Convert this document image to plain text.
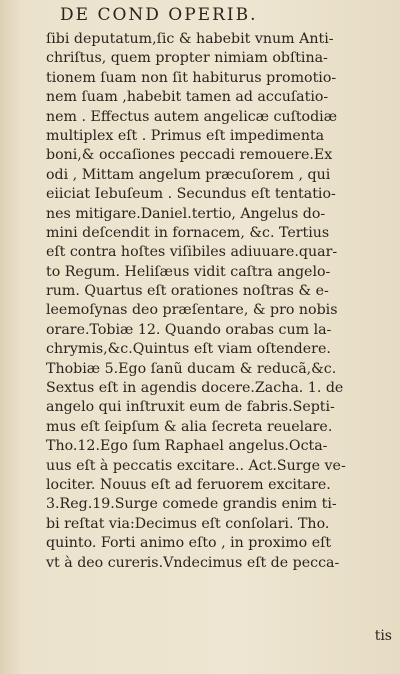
DE COND OPERIB.
ſibi deputatum,ſic & habebit vnum Anti-
chriſtus, quem propter nimiam obſtina-
tionem ſuam non ſit habiturus promotio-
nem ſuam ,habebit tamen ad accuſatio-
nem . Effectus autem angelicæ cuſtodiæ
multiplex eſt . Primus eſt impedimenta
boni,& occaſiones peccadi remouere.Ex
odi , Mittam angelum præcuſorem , qui
eiiciat Iebuſeum . Secundus eſt tentatio-
nes mitigare.Daniel.tertio, Angelus do-
mini deſcendit in fornacem, &c. Tertius
eſt contra hoſtes viſibiles adiuuare.quar-
to Regum. Heliſæus vidit caſtra angelo-
rum. Quartus eſt orationes noſtras & e-
leemoſynas deo præſentare, & pro nobis
orare.Tobiæ 12. Quando orabas cum la-
chrymis,&c.Quintus eſt viam oſtendere.
Thobiæ 5.Ego ſanũ ducam & reducã,&c.
Sextus eſt in agendis docere.Zacha. 1. de
angelo qui inſtruxit eum de fabris.Septi-
mus eſt ſeipſum & alia ſecreta reuelare.
Tho.12.Ego ſum Raphael angelus.Octa-
uus eſt à peccatis excitare.. Act.Surge ve-
lociter. Nouus eſt ad feruorem excitare.
3.Reg.19.Surge comede grandis enim ti-
bi reſtat via:Decimus eſt conſolari. Tho.
quinto. Forti animo eſto , in proximo eſt
vt à deo cureris.Vndecimus eſt de pecca-
tis
